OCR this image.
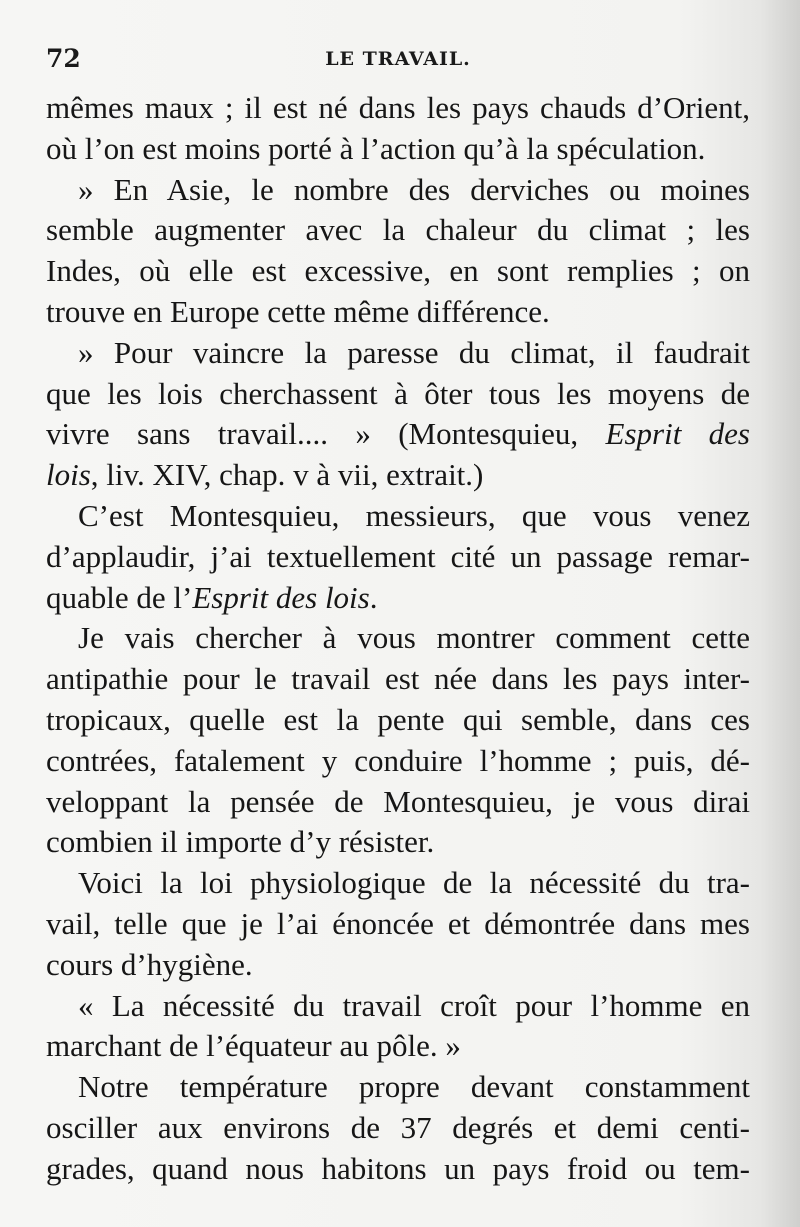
72	LE TRAVAIL.
mêmes maux ; il est né dans les pays chauds d’Orient,
où l’on est moins porté à l’action qu’à la spéculation.
» En Asie, le nombre des derviches ou moines
semble augmenter avec la chaleur du climat ; les
Indes, où elle est excessive, en sont remplies ; on
trouve en Europe cette même différence.
» Pour vaincre la paresse du climat, il faudrait
que les lois cherchassent à ôter tous les moyens de
vivre sans travail.... » (Montesquieu, Esprit des
lois, liv. XIV, chap. v à vii, extrait.)
C’est Montesquieu, messieurs, que vous venez
d’applaudir, j’ai textuellement cité un passage remar-
quable de l’Esprit des lois.
Je vais chercher à vous montrer comment cette
antipathie pour le travail est née dans les pays inter-
tropicaux, quelle est la pente qui semble, dans ces
contrées, fatalement y conduire l’homme ; puis, dé-
veloppant la pensée de Montesquieu, je vous dirai
combien il importe d’y résister.
Voici la loi physiologique de la nécessité du tra-
vail, telle que je l’ai énoncée et démontrée dans mes
cours d’hygiène.
« La nécessité du travail croît pour l’homme en
marchant de l’équateur au pôle. »
Notre température propre devant constamment
osciller aux environs de 37 degrés et demi centi-
grades, quand nous habitons un pays froid ou tem-
